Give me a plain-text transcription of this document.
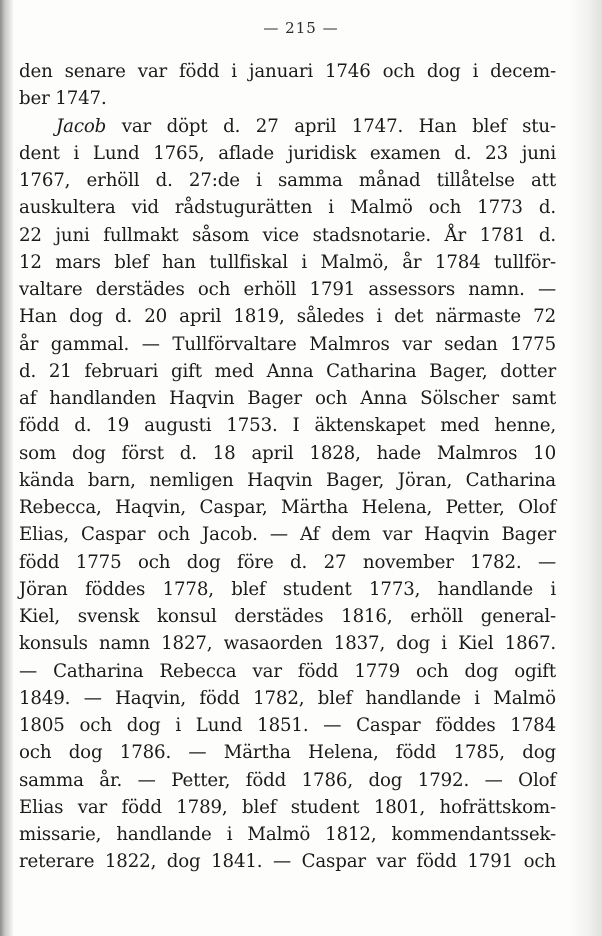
— 215 —
den senare var född i januari 1746 och dog i decem-
ber 1747.
Jacob var döpt d. 27 april 1747. Han blef stu-
dent i Lund 1765, aflade juridisk examen d. 23 juni
1767, erhöll d. 27:de i samma månad tillåtelse att
auskultera vid rådstugurätten i Malmö och 1773 d.
22 juni fullmakt såsom vice stadsnotarie. År 1781 d.
12 mars blef han tullfiskal i Malmö, år 1784 tullför-
valtare derstädes och erhöll 1791 assessors namn. —
Han dog d. 20 april 1819, således i det närmaste 72
år gammal. — Tullförvaltare Malmros var sedan 1775
d. 21 februari gift med Anna Catharina Bager, dotter
af handlanden Haqvin Bager och Anna Sölscher samt
född d. 19 augusti 1753. I äktenskapet med henne,
som dog först d. 18 april 1828, hade Malmros 10
kända barn, nemligen Haqvin Bager, Jöran, Catharina
Rebecca, Haqvin, Caspar, Märtha Helena, Petter, Olof
Elias, Caspar och Jacob. — Af dem var Haqvin Bager
född 1775 och dog före d. 27 november 1782. —
Jöran föddes 1778, blef student 1773, handlande i
Kiel, svensk konsul derstädes 1816, erhöll general-
konsuls namn 1827, wasaorden 1837, dog i Kiel 1867.
— Catharina Rebecca var född 1779 och dog ogift
1849. — Haqvin, född 1782, blef handlande i Malmö
1805 och dog i Lund 1851. — Caspar föddes 1784
och dog 1786. — Märtha Helena, född 1785, dog
samma år. — Petter, född 1786, dog 1792. — Olof
Elias var född 1789, blef student 1801, hofrättskom-
missarie, handlande i Malmö 1812, kommendantssek-
reterare 1822, dog 1841. — Caspar var född 1791 och
